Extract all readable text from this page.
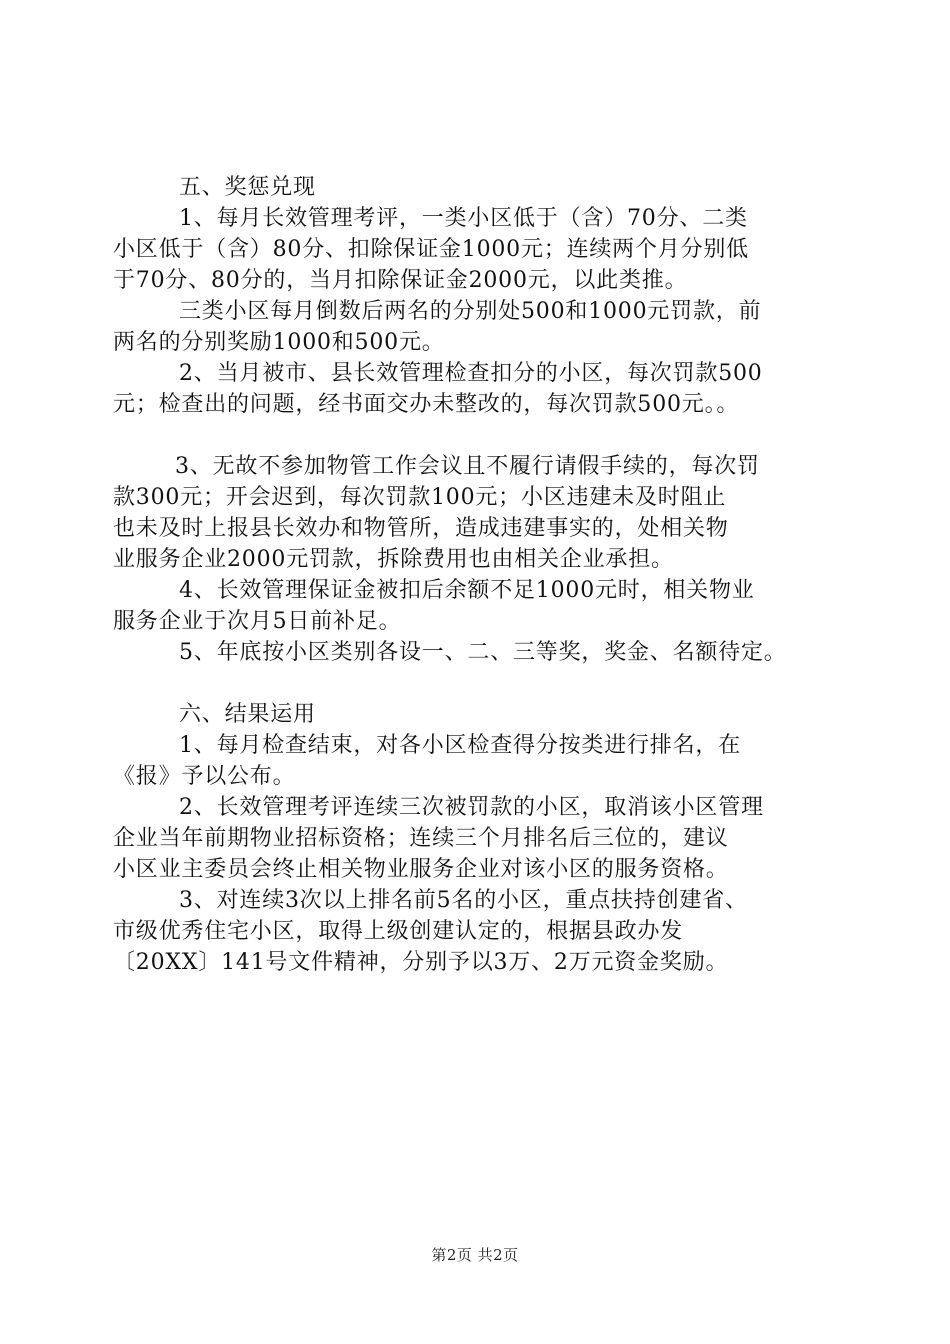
五、奖惩兑现
1、每月长效管理考评，一类小区低于（含）70分、二类
小区低于（含）80分、扣除保证金1000元；连续两个月分别低
于70分、80分的，当月扣除保证金2000元，以此类推。
三类小区每月倒数后两名的分别处500和1000元罚款，前
两名的分别奖励1000和500元。
2、当月被市、县长效管理检查扣分的小区，每次罚款500
元；检查出的问题，经书面交办未整改的，每次罚款500元。。
3、无故不参加物管工作会议且不履行请假手续的，每次罚
款300元；开会迟到，每次罚款100元；小区违建未及时阻止
也未及时上报县长效办和物管所，造成违建事实的，处相关物
业服务企业2000元罚款，拆除费用也由相关企业承担。
4、长效管理保证金被扣后余额不足1000元时，相关物业
服务企业于次月5日前补足。
5、年底按小区类别各设一、二、三等奖，奖金、名额待定。
六、结果运用
1、每月检查结束，对各小区检查得分按类进行排名，在
《报》予以公布。
2、长效管理考评连续三次被罚款的小区，取消该小区管理
企业当年前期物业招标资格；连续三个月排名后三位的，建议
小区业主委员会终止相关物业服务企业对该小区的服务资格。
3、对连续3次以上排名前5名的小区，重点扶持创建省、
市级优秀住宅小区，取得上级创建认定的，根据县政办发
〔20XX〕141号文件精神，分别予以3万、2万元资金奖励。
第2页 共2页
